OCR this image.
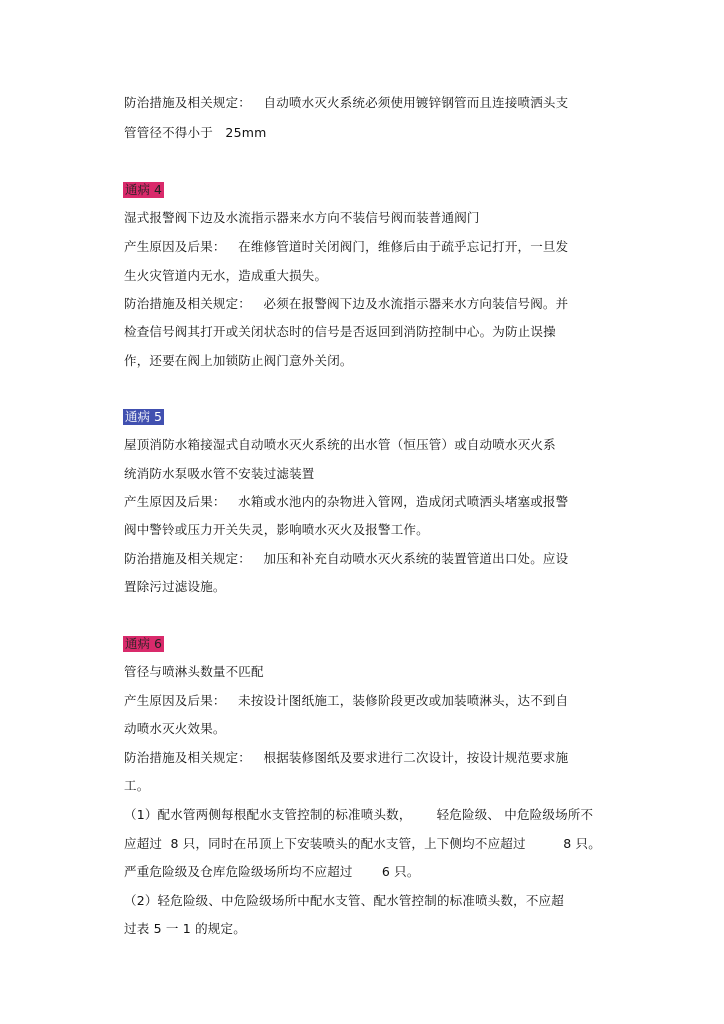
防治措施及相关规定：   自动喷水灭火系统必须使用镀锌钢管而且连接喷洒头支
管管径不得小于   25mm
通病 4
湿式报警阀下边及水流指示器来水方向不装信号阀而装普通阀门
产生原因及后果：   在维修管道时关闭阀门，维修后由于疏乎忘记打开，一旦发
生火灾管道内无水，造成重大损失。
防治措施及相关规定：   必须在报警阀下边及水流指示器来水方向装信号阀。并
检查信号阀其打开或关闭状态时的信号是否返回到消防控制中心。为防止误操
作，还要在阀上加锁防止阀门意外关闭。
通病 5
屋顶消防水箱接湿式自动喷水灭火系统的出水管（恒压管）或自动喷水灭火系
统消防水泵吸水管不安装过滤装置
产生原因及后果：   水箱或水池内的杂物进入管网，造成闭式喷洒头堵塞或报警
阀中警铃或压力开关失灵，影响喷水灭火及报警工作。
防治措施及相关规定：   加压和补充自动喷水灭火系统的装置管道出口处。应设
置除污过滤设施。
通病 6
管径与喷淋头数量不匹配
产生原因及后果：   未按设计图纸施工，装修阶段更改或加装喷淋头，达不到自
动喷水灭火效果。
防治措施及相关规定：   根据装修图纸及要求进行二次设计，按设计规范要求施
工。
（1）配水管两侧每根配水支管控制的标准喷头数，      轻危险级、 中危险级场所不
应超过  8 只，同时在吊顶上下安装喷头的配水支管，上下侧均不应超过         8 只。
严重危险级及仓库危险级场所均不应超过       6 只。
（2）轻危险级、中危险级场所中配水支管、配水管控制的标准喷头数，不应超
过表 5 一 1 的规定。
